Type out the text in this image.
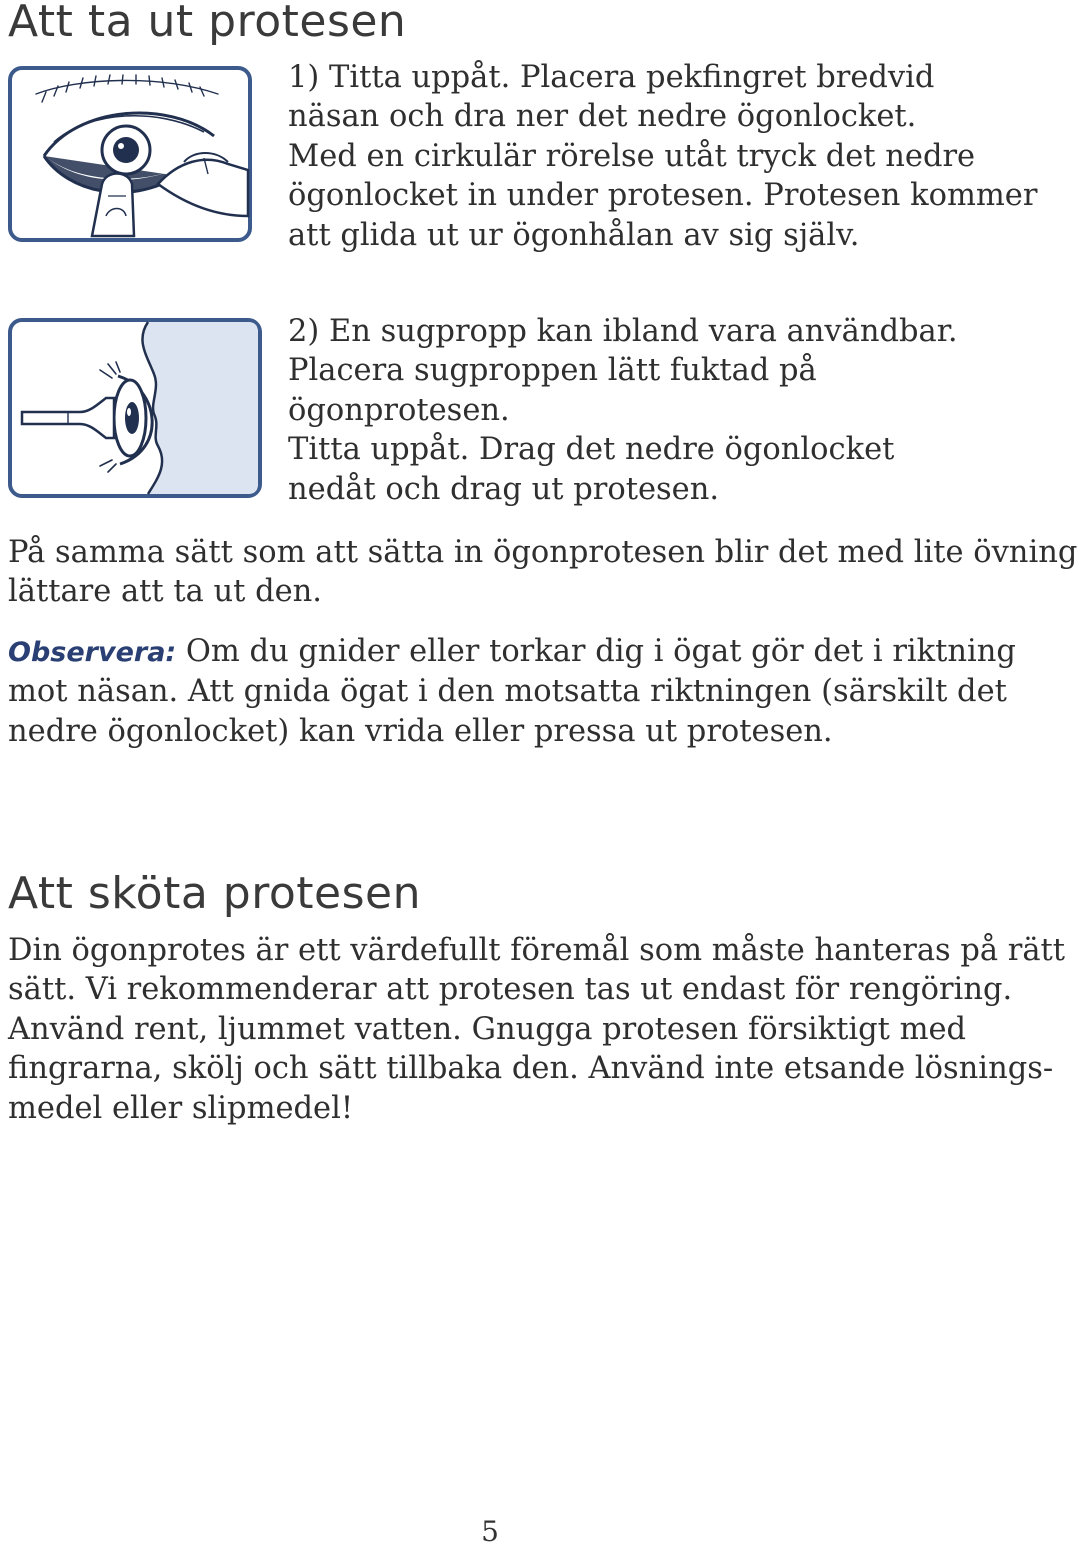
Att ta ut protesen

1) Titta uppåt. Placera pekfingret bredvid
näsan och dra ner det nedre ögonlocket.
Med en cirkulär rörelse utåt tryck det nedre
ögonlocket in under protesen. Protesen kommer
att glida ut ur ögonhålan av sig själv.

2) En sugpropp kan ibland vara användbar.
Placera sugproppen lätt fuktad på
ögonprotesen.
Titta uppåt. Drag det nedre ögonlocket
nedåt och drag ut protesen.

På samma sätt som att sätta in ögonprotesen blir det med lite övning
lättare att ta ut den.

Observera: Om du gnider eller torkar dig i ögat gör det i riktning
mot näsan. Att gnida ögat i den motsatta riktningen (särskilt det
nedre ögonlocket) kan vrida eller pressa ut protesen.

Att sköta protesen

Din ögonprotes är ett värdefullt föremål som måste hanteras på rätt
sätt. Vi rekommenderar att protesen tas ut endast för rengöring.
Använd rent, ljummet vatten. Gnugga protesen försiktigt med
fingrarna, skölj och sätt tillbaka den. Använd inte etsande lösnings-
medel eller slipmedel!

5
